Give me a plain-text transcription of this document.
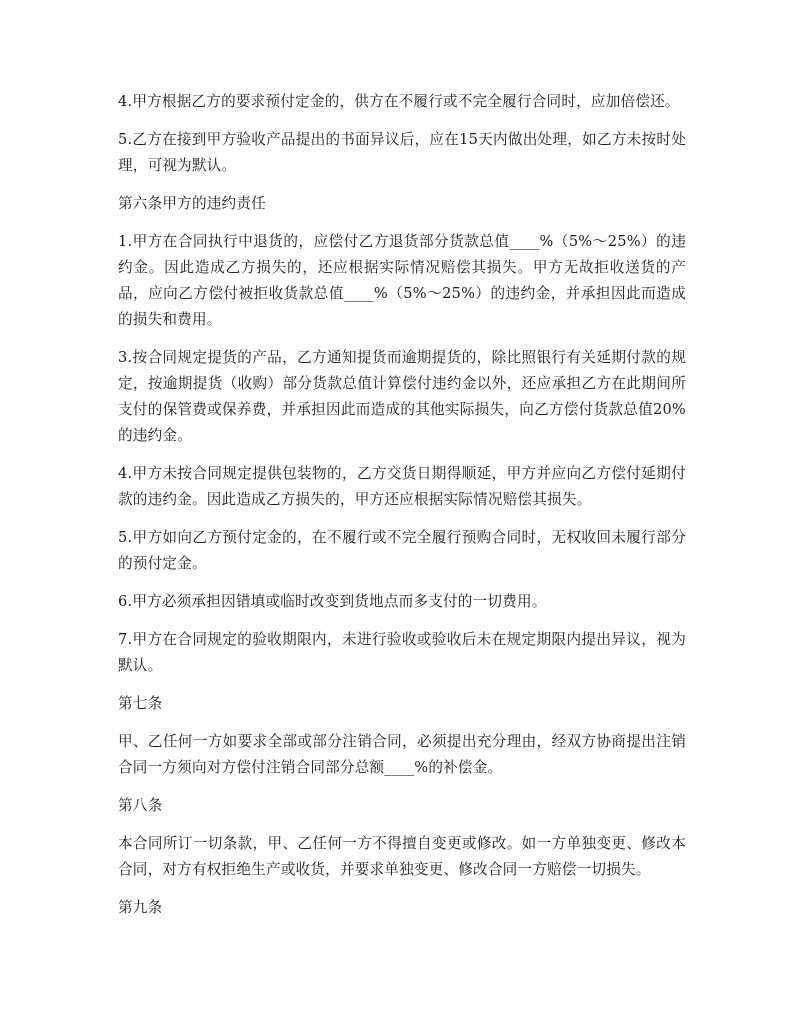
4.甲方根据乙方的要求预付定金的，供方在不履行或不完全履行合同时，应加倍偿还。

5.乙方在接到甲方验收产品提出的书面异议后，应在15天内做出处理，如乙方未按时处理，可视为默认。

第六条甲方的违约责任

1.甲方在合同执行中退货的，应偿付乙方退货部分货款总值____%（5%～25%）的违约金。因此造成乙方损失的，还应根据实际情况赔偿其损失。甲方无故拒收送货的产品，应向乙方偿付被拒收货款总值____%（5%～25%）的违约金，并承担因此而造成的损失和费用。

3.按合同规定提货的产品，乙方通知提货而逾期提货的，除比照银行有关延期付款的规定，按逾期提货（收购）部分货款总值计算偿付违约金以外，还应承担乙方在此期间所支付的保管费或保养费，并承担因此而造成的其他实际损失，向乙方偿付货款总值20%的违约金。

4.甲方未按合同规定提供包装物的，乙方交货日期得顺延，甲方并应向乙方偿付延期付款的违约金。因此造成乙方损失的，甲方还应根据实际情况赔偿其损失。

5.甲方如向乙方预付定金的，在不履行或不完全履行预购合同时，无权收回未履行部分的预付定金。

6.甲方必须承担因错填或临时改变到货地点而多支付的一切费用。

7.甲方在合同规定的验收期限内，未进行验收或验收后未在规定期限内提出异议，视为默认。

第七条

甲、乙任何一方如要求全部或部分注销合同，必须提出充分理由，经双方协商提出注销合同一方须向对方偿付注销合同部分总额____%的补偿金。

第八条

本合同所订一切条款，甲、乙任何一方不得擅自变更或修改。如一方单独变更、修改本合同，对方有权拒绝生产或收货，并要求单独变更、修改合同一方赔偿一切损失。

第九条
